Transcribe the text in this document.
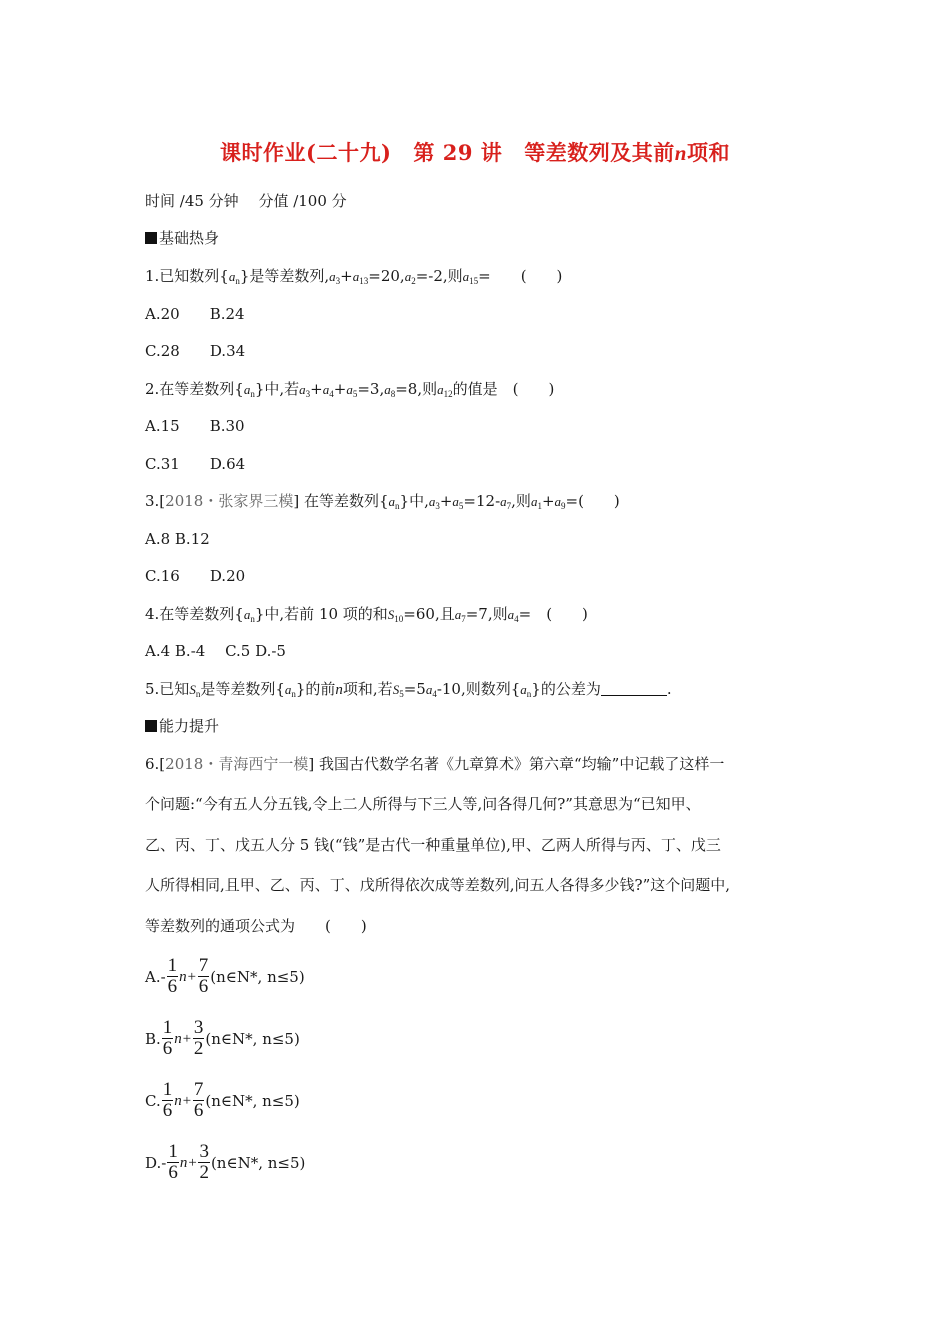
课时作业(二十九) 第 29 讲 等差数列及其前n项和
时间 ∕45 分钟　 分值 ∕100 分
基础热身
1.已知数列$\{a_n\}$是等差数列$,a_3+a_{13}=20,a_2=-2$,则$a_{15}=$　　(　　)
A.20 B.24
C.28 D.34
2.在等差数列$\{a_n\}$中,若$a_3+a_4+a_5=3,a_8=8$,则$a_{12}$的值是　(　　)
A.15 B.30
C.31 D.64
3.[2018・张家界三模] 在等差数列$\{a_n\}$中$,a_3+a_5=12-a_7$,则$a_1+a_9=$(　　)
A.8 B.12
C.16 D.20
4.在等差数列$\{a_n\}$中,若前 10 项的和$S_{10}=60$,且$a_7=7$,则$a_4=$　(　　)
A.4 B.-4　 C.5 D.-5
5.已知$S_n$是等差数列$\{a_n\}$的前n项和,若$S_5=5a_4-10$,则数列$\{a_n\}$的公差为	.
能力提升
6.[2018・青海西宁一模] 我国古代数学名著《九章算术》第六章“均输”中记载了这样一
个问题:“今有五人分五钱,令上二人所得与下三人等,问各得几何?”其意思为“已知甲、
乙、丙、丁、戊五人分 5 钱(“钱”是古代一种重量单位),甲、乙两人所得与丙、丁、戊三
人所得相同,且甲、乙、丙、丁、戊所得依次成等差数列,问五人各得多少钱?”这个问题中,
等差数列的通项公式为　　(　　)
$A.- \frac{1}{6} n+ \frac{7}{6}$ (n∈N*, n≤5)
B. $\frac{1}{6} n+ \frac{3}{2}$ (n∈N*, n≤5)
C. $\frac{1}{6} n+ \frac{7}{6}$ (n∈N*, n≤5)
$D.- \frac{1}{6} n+ \frac{3}{2}$ (n∈N*, n≤5)
